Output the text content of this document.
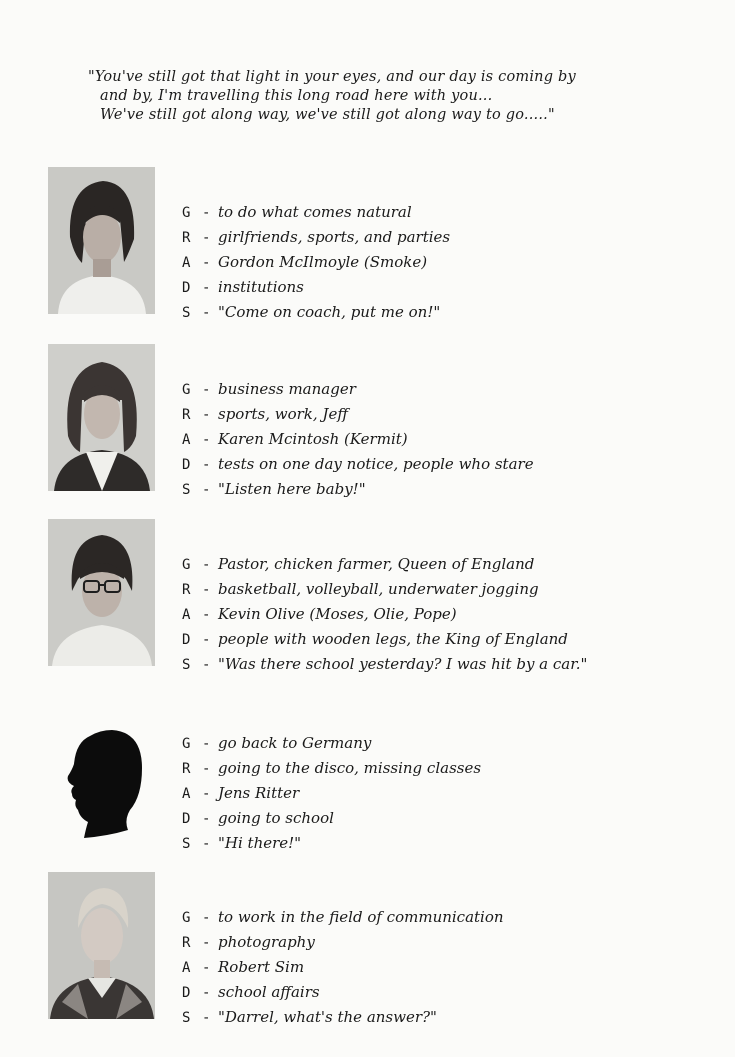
"You've still got that light in your eyes, and our day is coming by
and by, I'm travelling this long road here with you...
We've still got along way, we've still got along way to go....."
G - to do what comes natural
R - girlfriends, sports, and parties
A - Gordon McIlmoyle (Smoke)
D - institutions
S - "Come on coach, put me on!"
G - business manager
R - sports, work, Jeff
A - Karen Mcintosh (Kermit)
D - tests on one day notice, people who stare
S - "Listen here baby!"
G - Pastor, chicken farmer, Queen of England
R - basketball, volleyball, underwater jogging
A - Kevin Olive (Moses, Olie, Pope)
D - people with wooden legs, the King of England
S - "Was there school yesterday? I was hit by a car."
G - go back to Germany
R - going to the disco, missing classes
A - Jens Ritter
D - going to school
S - "Hi there!"
G - to work in the field of communication
R - photography
A - Robert Sim
D - school affairs
S - "Darrel, what's the answer?"
